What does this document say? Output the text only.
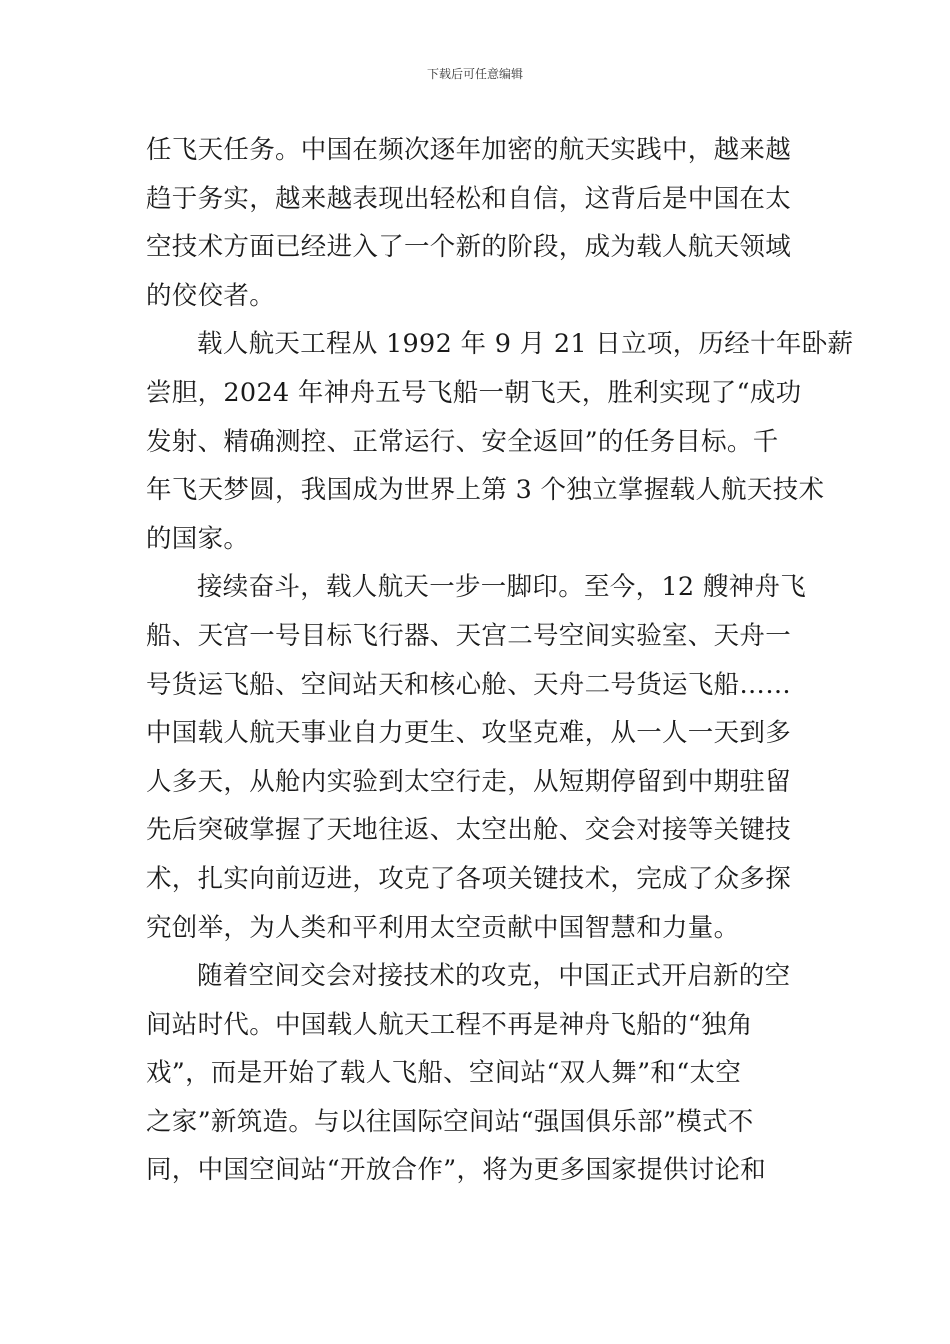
下载后可任意编辑
任飞天任务。中国在频次逐年加密的航天实践中，越来越
趋于务实，越来越表现出轻松和自信，这背后是中国在太
空技术方面已经进入了一个新的阶段，成为载人航天领域
的佼佼者。
载人航天工程从 1992 年 9 月 21 日立项，历经十年卧薪
尝胆，2024 年神舟五号飞船一朝飞天，胜利实现了“成功
发射、精确测控、正常运行、安全返回”的任务目标。千
年飞天梦圆，我国成为世界上第 3 个独立掌握载人航天技术
的国家。
接续奋斗，载人航天一步一脚印。至今，12 艘神舟飞
船、天宫一号目标飞行器、天宫二号空间实验室、天舟一
号货运飞船、空间站天和核心舱、天舟二号货运飞船……
中国载人航天事业自力更生、攻坚克难，从一人一天到多
人多天，从舱内实验到太空行走，从短期停留到中期驻留
先后突破掌握了天地往返、太空出舱、交会对接等关键技
术，扎实向前迈进，攻克了各项关键技术，完成了众多探
究创举，为人类和平利用太空贡献中国智慧和力量。
随着空间交会对接技术的攻克，中国正式开启新的空
间站时代。中国载人航天工程不再是神舟飞船的“独角
戏”，而是开始了载人飞船、空间站“双人舞”和“太空
之家”新筑造。与以往国际空间站“强国俱乐部”模式不
同，中国空间站“开放合作”，将为更多国家提供讨论和
